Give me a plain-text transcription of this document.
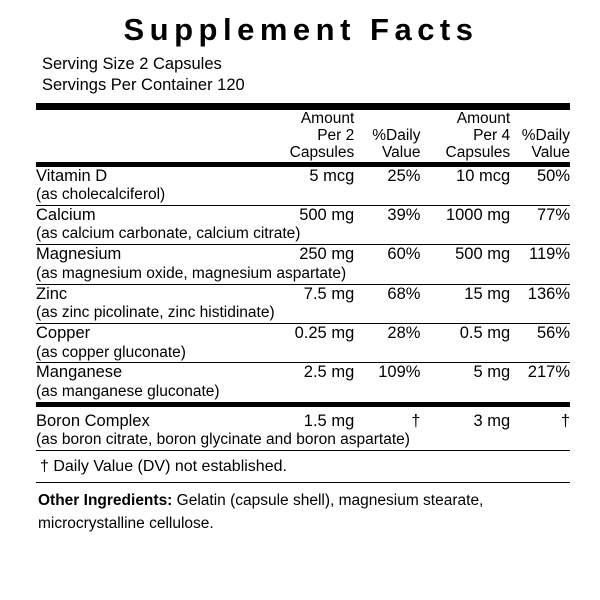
Supplement Facts
Serving Size 2 Capsules
Servings Per Container 120
	Amount
Per 2
Capsules	%Daily
Value	Amount
Per 4
Capsules	%Daily
Value
Vitamin D	5 mcg	25%	10 mcg	50%
(as cholecalciferol)				

Calcium	500 mg	39%	1000 mg	77%
(as calcium carbonate, calcium citrate)				

Magnesium	250 mg	60%	500 mg	119%
(as magnesium oxide, magnesium aspartate)				

Zinc	7.5 mg	68%	15 mg	136%
(as zinc picolinate, zinc histidinate)				

Copper	0.25 mg	28%	0.5 mg	56%
(as copper gluconate)				

Manganese	2.5 mg	109%	5 mg	217%
(as manganese gluconate)				
Boron Complex	1.5 mg	†	3 mg	†
(as boron citrate, boron glycinate and boron aspartate)
† Daily Value (DV) not established.
Other Ingredients: Gelatin (capsule shell), magnesium stearate,
microcrystalline cellulose.
